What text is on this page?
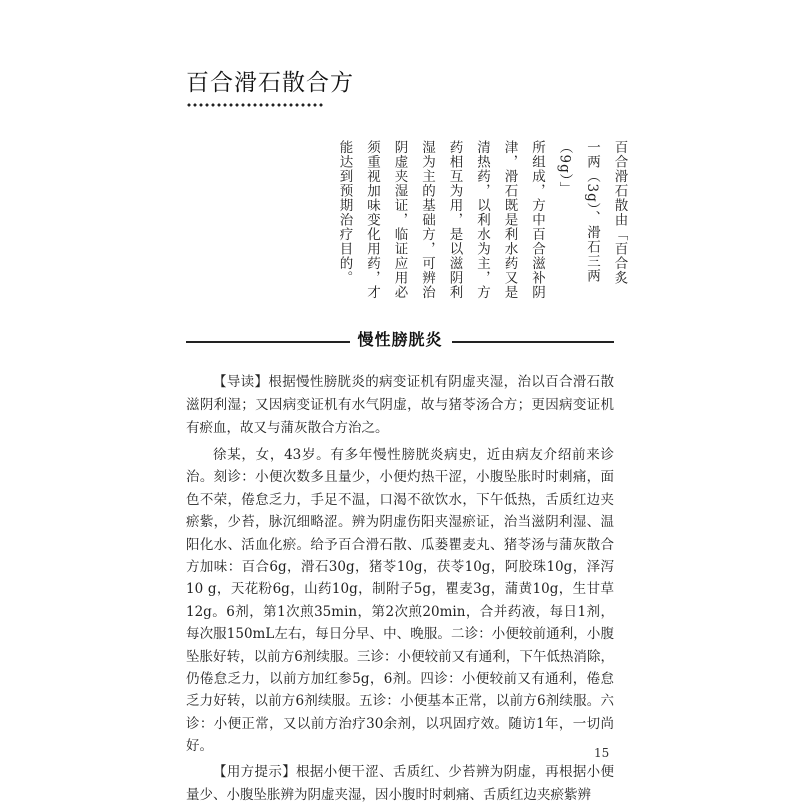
百合滑石散合方

百合滑石散由「百合炙

一两（3g）、滑石三两（9g）」

所组成，方中百合滋补阴

津，滑石既是利水药又是

清热药，以利水为主，方

药相互为用，是以滋阴利

湿为主的基础方，可辨治

阴虚夹湿证，临证应用必

须重视加味变化用药，才

能达到预期治疗目的。

慢性膀胱炎

【导读】根据慢性膀胱炎的病变证机有阴虚夹湿，治以百合滑石散滋阴利湿；又因病变证机有水气阴虚，故与猪苓汤合方；更因病变证机有瘀血，故又与蒲灰散合方治之。

徐某，女，43岁。有多年慢性膀胱炎病史，近由病友介绍前来诊治。刻诊：小便次数多且量少，小便灼热干涩，小腹坠胀时时刺痛，面色不荣，倦怠乏力，手足不温，口渴不欲饮水，下午低热，舌质红边夹瘀紫，少苔，脉沉细略涩。辨为阴虚伤阳夹湿瘀证，治当滋阴利湿、温阳化水、活血化瘀。给予百合滑石散、瓜蒌瞿麦丸、猪苓汤与蒲灰散合方加味：百合6g，滑石30g，猪苓10g，茯苓10g，阿胶珠10g，泽泻10 g，天花粉6g，山药10g，制附子5g，瞿麦3g，蒲黄10g，生甘草12g。6剂，第1次煎35min，第2次煎20min，合并药液，每日1剂，每次服150mL左右，每日分早、中、晚服。二诊：小便较前通利，小腹坠胀好转，以前方6剂续服。三诊：小便较前又有通利，下午低热消除，仍倦怠乏力，以前方加红参5g，6剂。四诊：小便较前又有通利，倦怠乏力好转，以前方6剂续服。五诊：小便基本正常，以前方6剂续服。六诊：小便正常，又以前方治疗30余剂，以巩固疗效。随访1年，一切尚好。

【用方提示】根据小便干涩、舌质红、少苔辨为阴虚，再根据小便量少、小腹坠胀辨为阴虚夹湿，因小腹时时刺痛、舌质红边夹瘀紫辨

15
